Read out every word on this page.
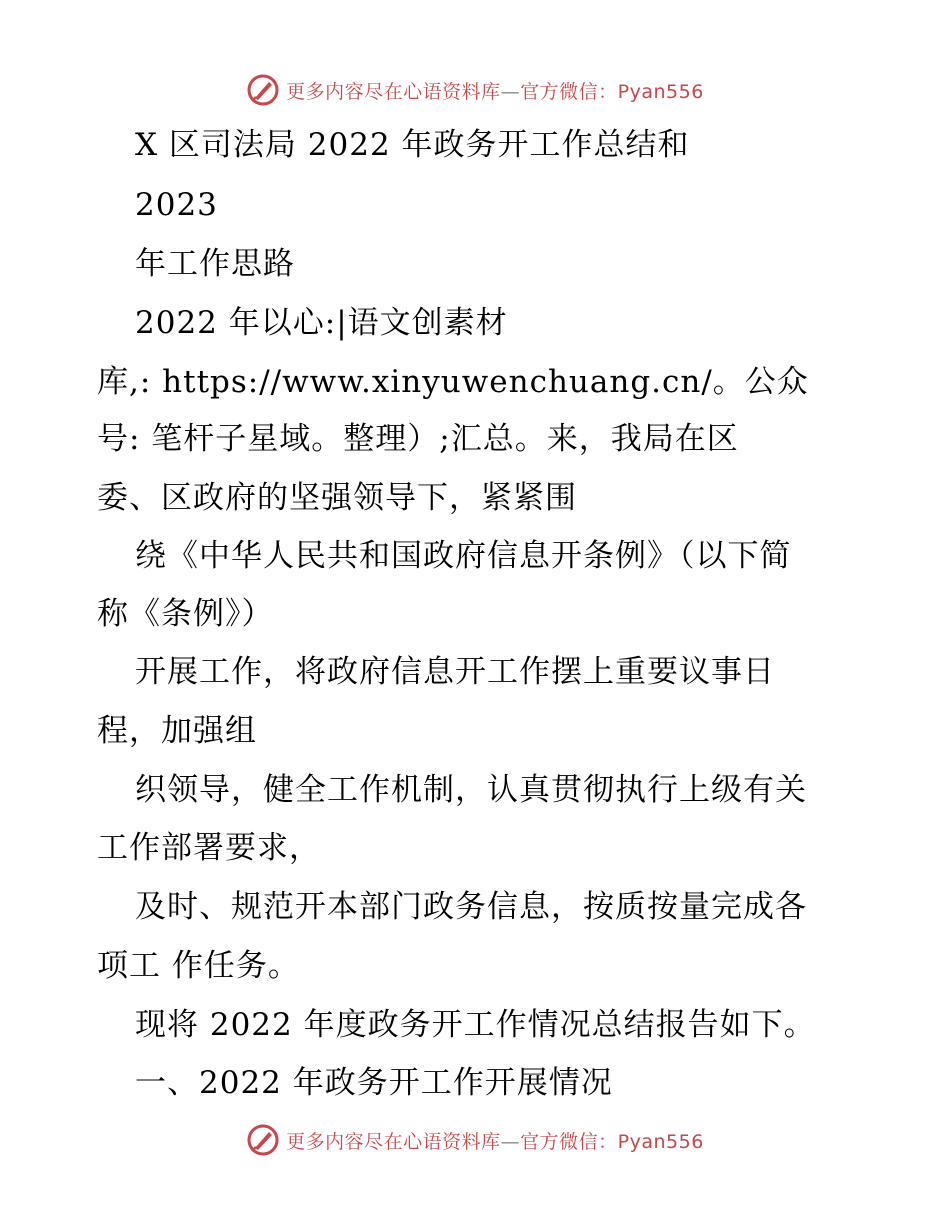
更多内容尽在心语资料库—官方微信：Pyan556
X 区司法局 2022 年政务开工作总结和
2023
年工作思路
2022 年以心:|语文创素材
库,: https://www.xinyuwenchuang.cn/。公众
号: 笔杆子星域。整理）;汇总。来，我局在区
委、区政府的坚强领导下，紧紧围
绕《中华人民共和国政府信息开条例》（以下简
称《条例》）
开展工作，将政府信息开工作摆上重要议事日
程，加强组
织领导，健全工作机制，认真贯彻执行上级有关
工作部署要求，
及时、规范开本部门政务信息，按质按量完成各
项工 作任务。
现将 2022 年度政务开工作情况总结报告如下。
一、2022 年政务开工作开展情况
更多内容尽在心语资料库—官方微信：Pyan556
